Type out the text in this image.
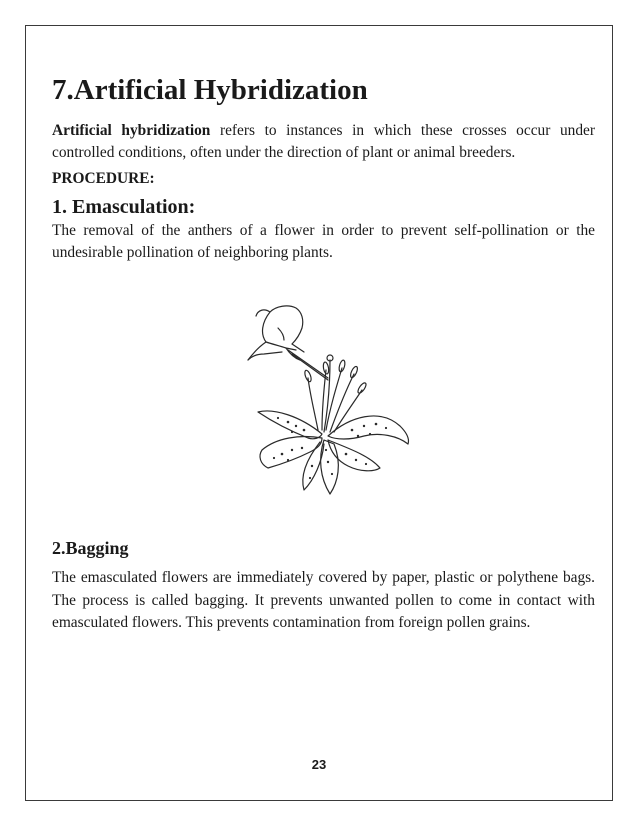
7.Artificial Hybridization

Artificial hybridization refers to instances in which these crosses occur under controlled conditions, often under the direction of plant or animal breeders.

PROCEDURE:

1. Emasculation:

The removal of the anthers of a flower in order to prevent self-pollination or the undesirable pollination of neighboring plants.

2.Bagging

The emasculated flowers are immediately covered by paper, plastic or polythene bags. The process is called bagging. It prevents unwanted pollen to come in contact with emasculated flowers. This prevents contamination from foreign pollen grains.

23
